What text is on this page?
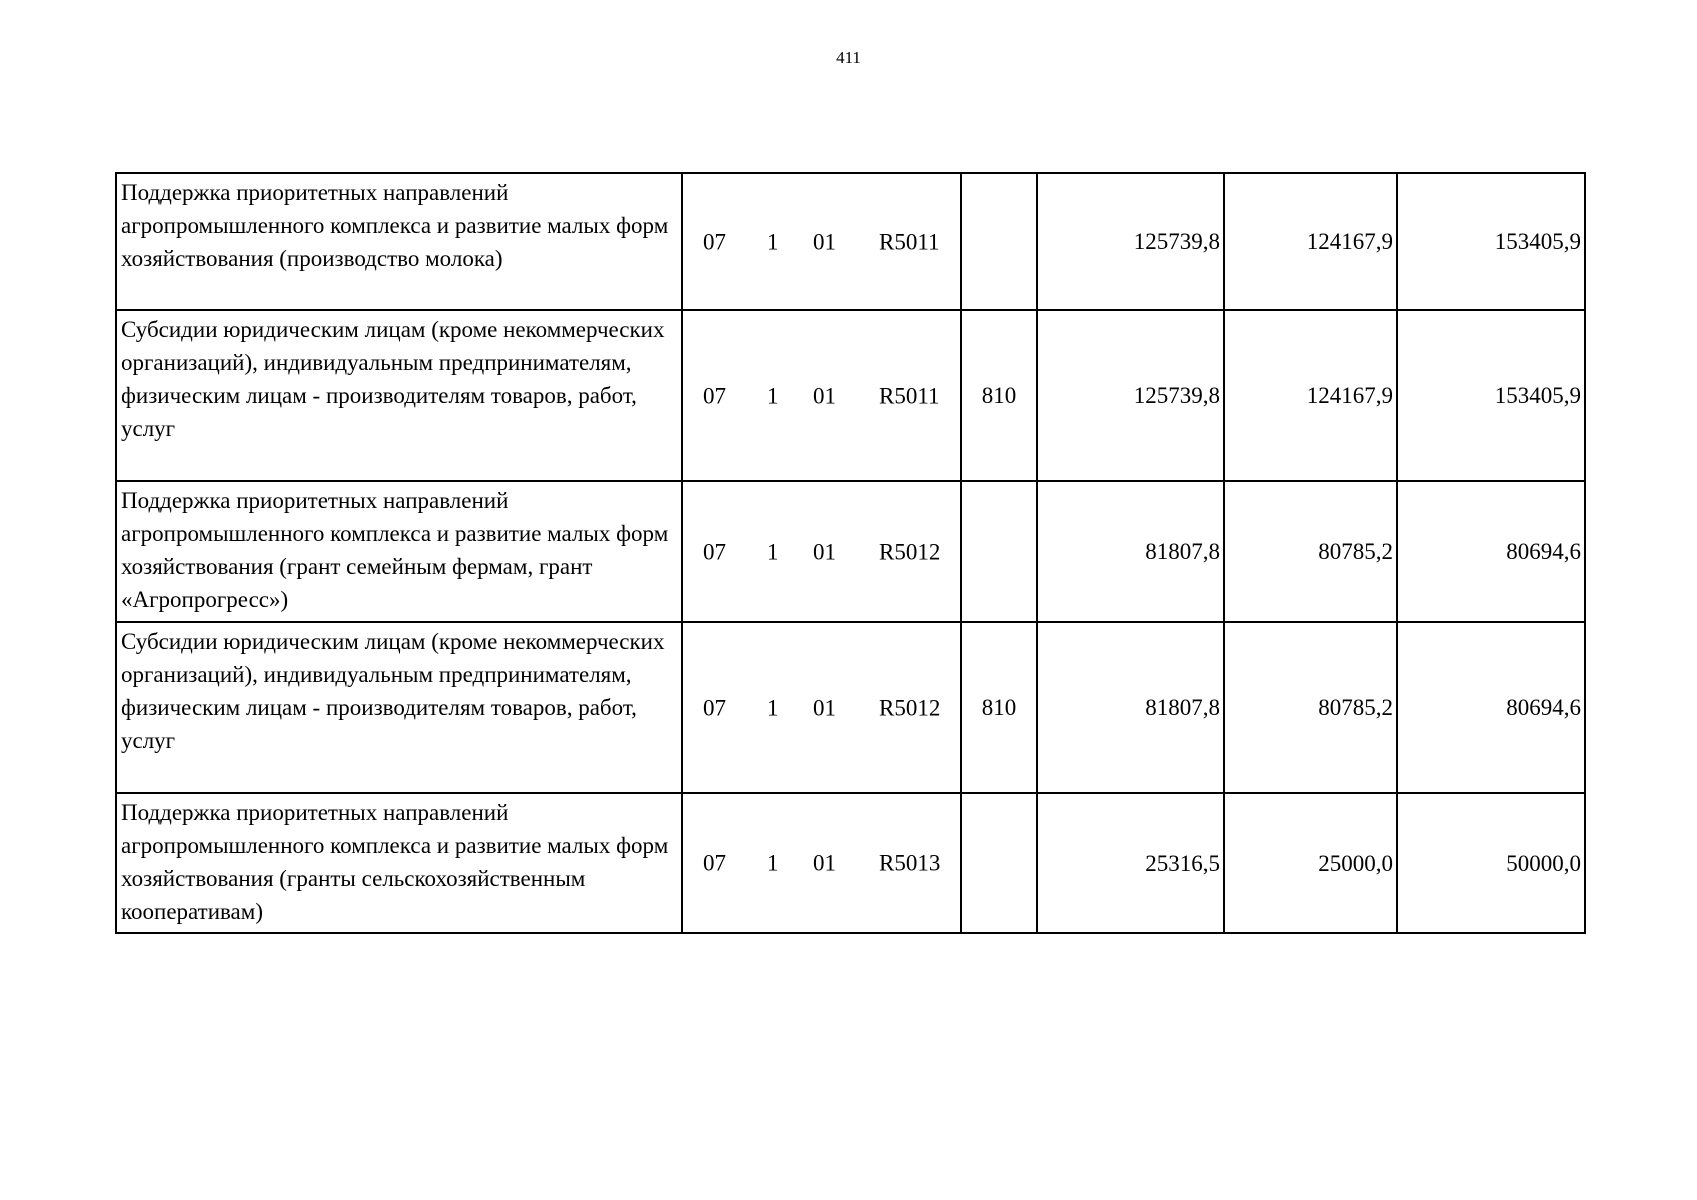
411
Поддержка приоритетных направлений агропромышленного комплекса и развитие малых форм хозяйствования (производство молока)	07 1 01 R5011		125739,8	124167,9	153405,9
Субсидии юридическим лицам (кроме некоммерческих организаций), индивидуальным предпринимателям, физическим лицам - производителям товаров, работ, услуг	07 1 01 R5011	810	125739,8	124167,9	153405,9
Поддержка приоритетных направлений агропромышленного комплекса и развитие малых форм хозяйствования (грант семейным фермам, грант «Агропрогресс»)	07 1 01 R5012		81807,8	80785,2	80694,6
Субсидии юридическим лицам (кроме некоммерческих организаций), индивидуальным предпринимателям, физическим лицам - производителям товаров, работ, услуг	07 1 01 R5012	810	81807,8	80785,2	80694,6
Поддержка приоритетных направлений агропромышленного комплекса и развитие малых форм хозяйствования (гранты сельскохозяйственным кооперативам)	07 1 01 R5013		25316,5	25000,0	50000,0
